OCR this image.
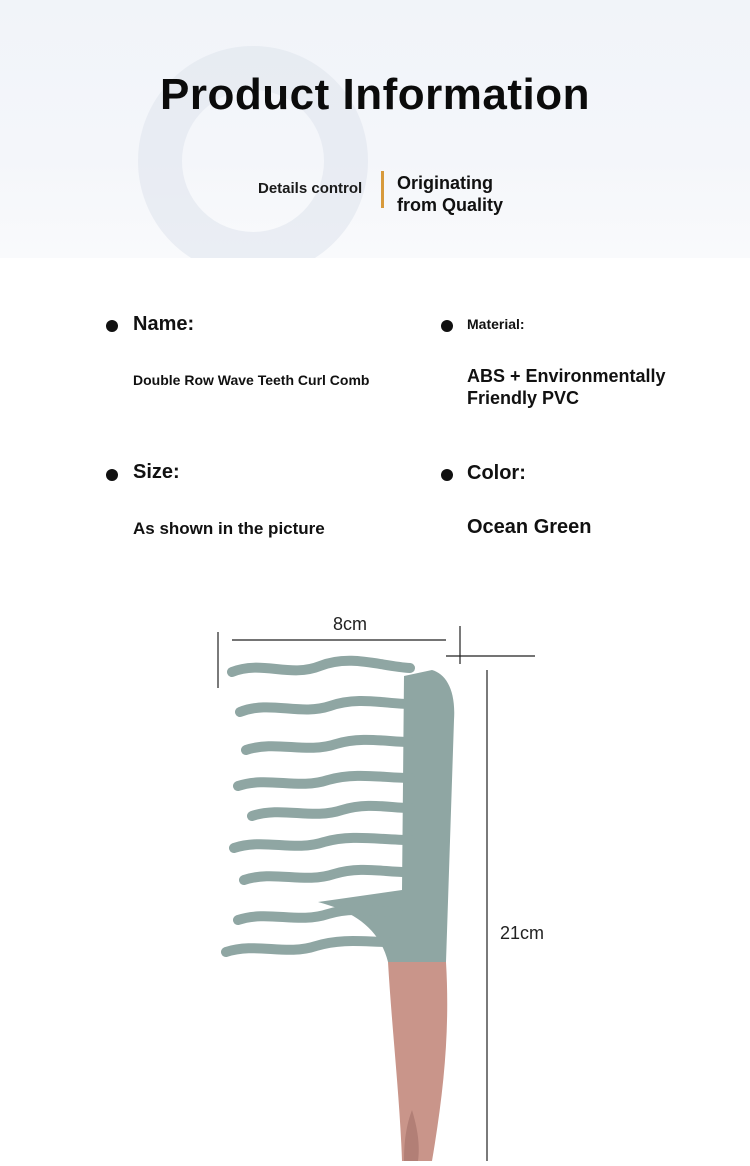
Product Information
Details control Originating
from Quality
Name:
Double Row Wave Teeth Curl Comb
Material:
ABS + Environmentally
Friendly PVC
Size:
As shown in the picture
Color:
Ocean Green
8cm
21cm
